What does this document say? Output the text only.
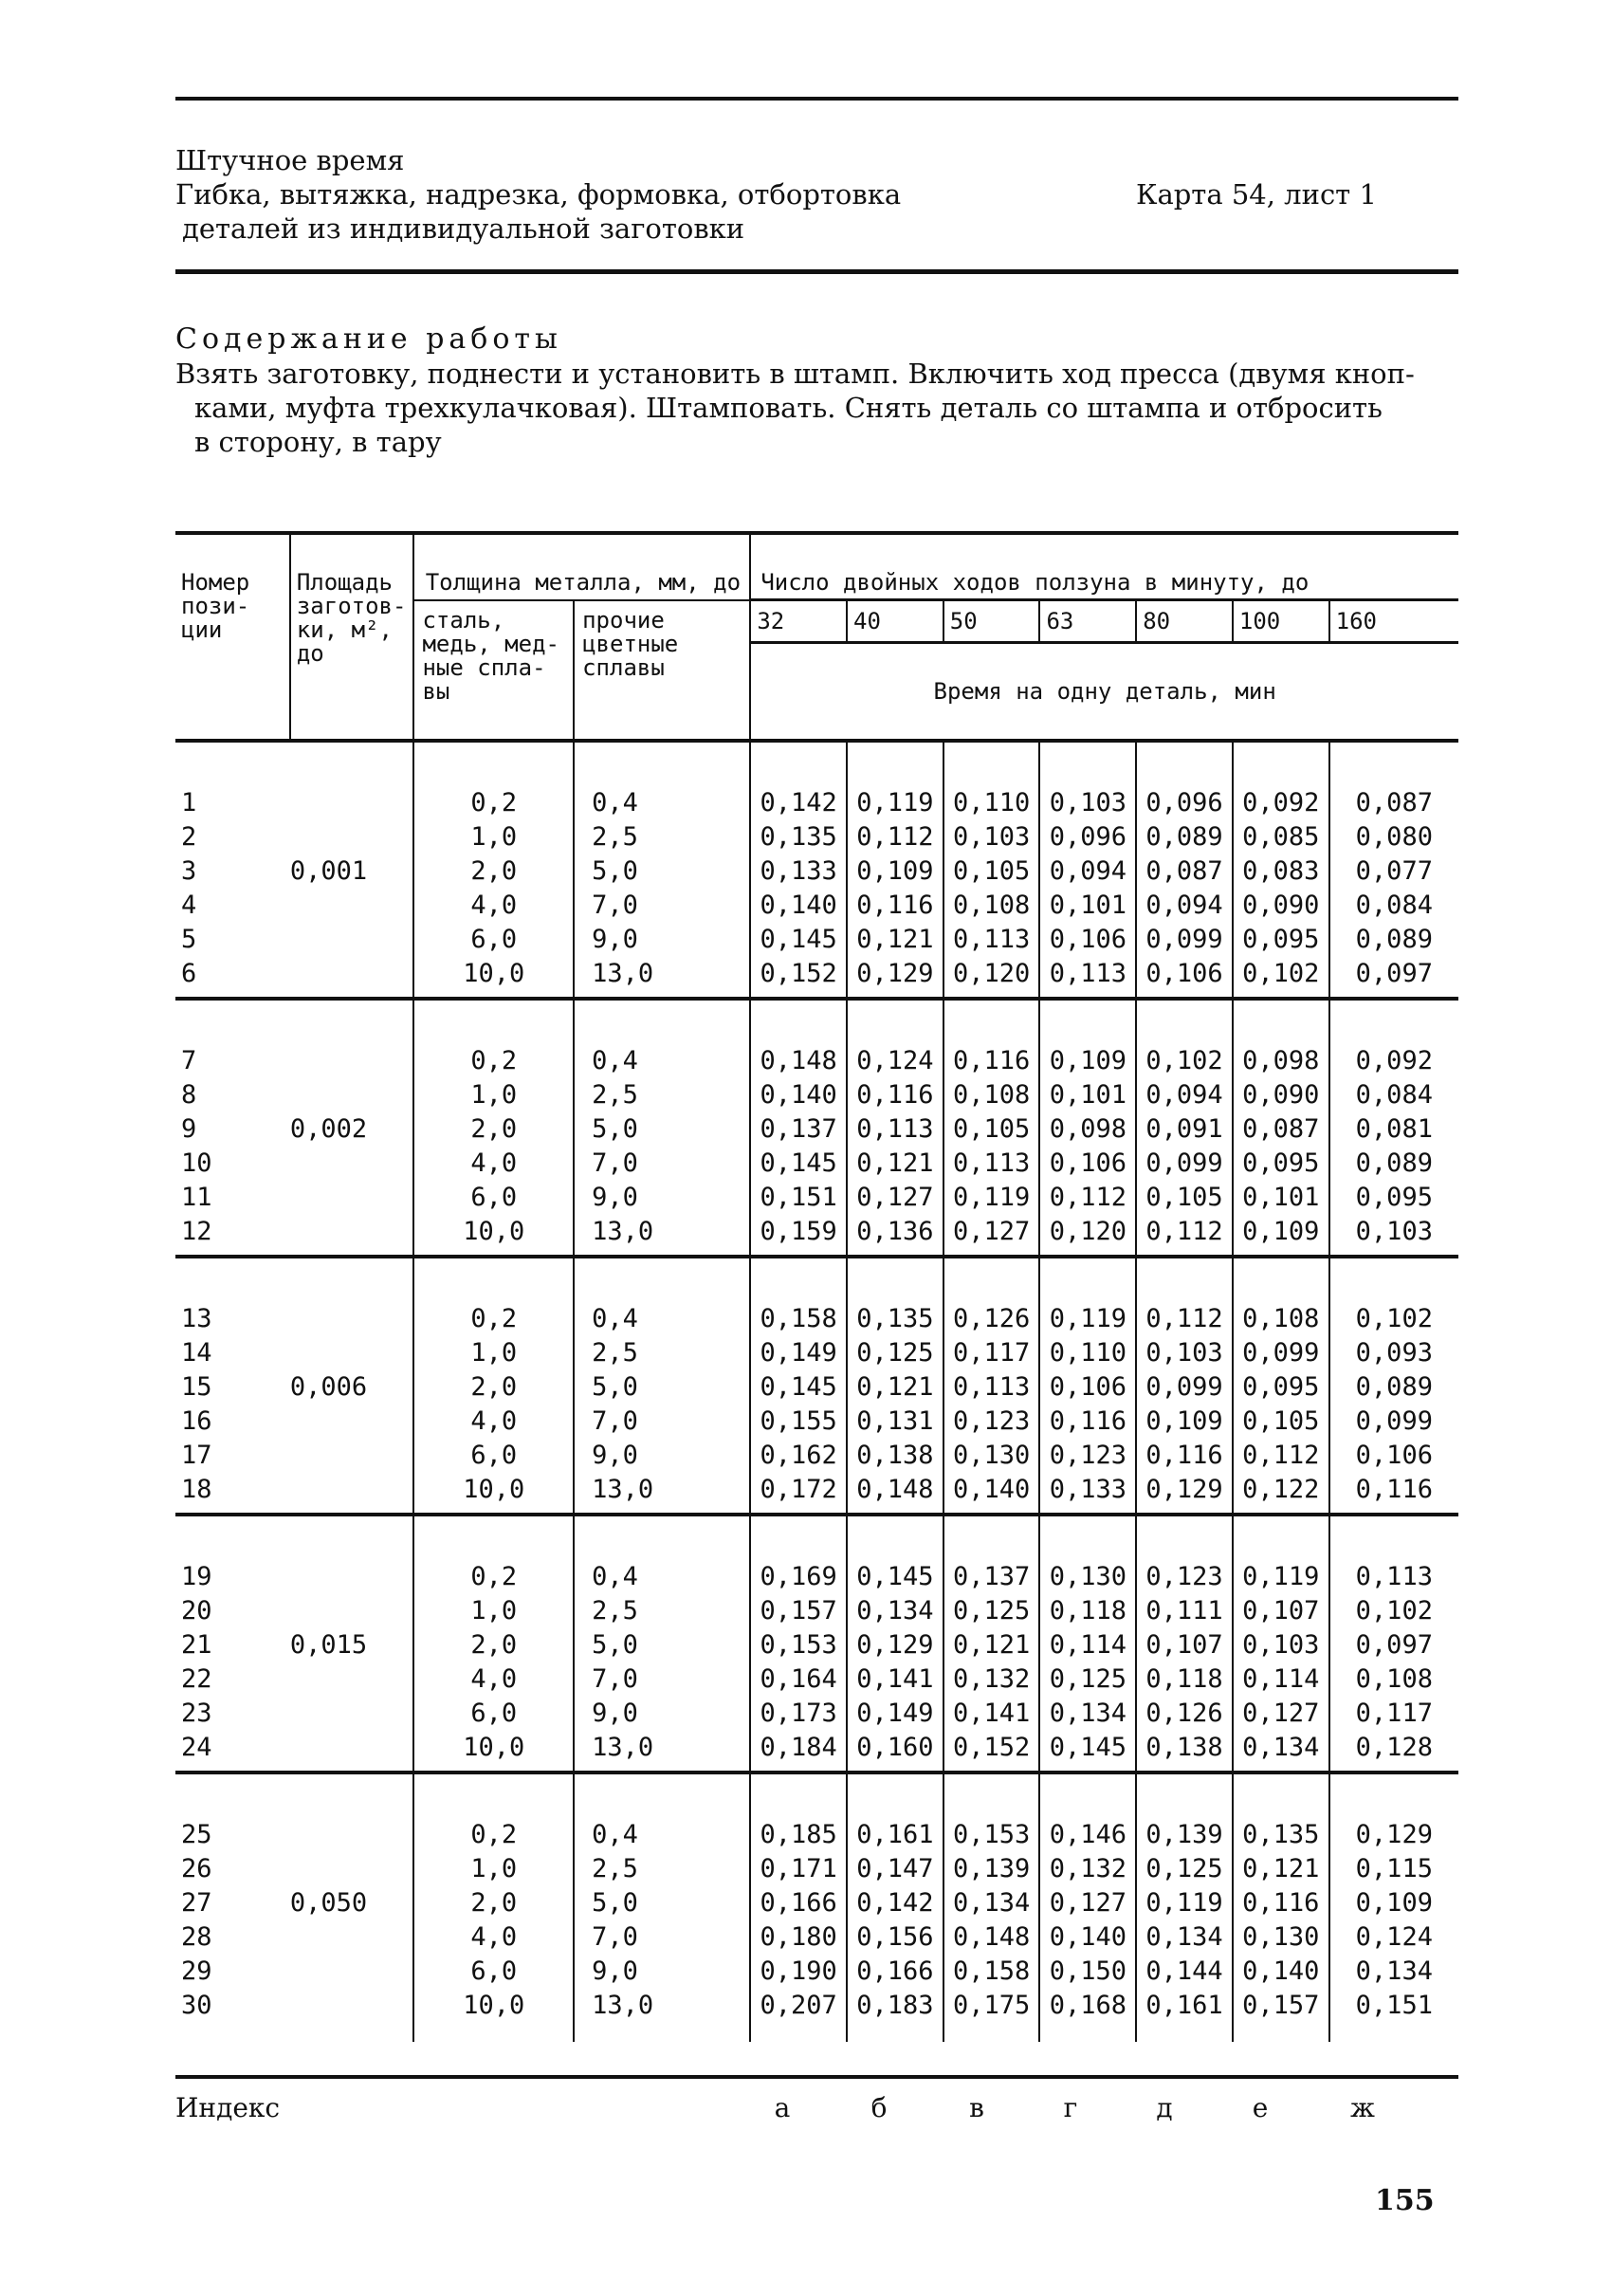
Штучное время
Гибка, вытяжка, надрезка, формовка, отбортовка
деталей из индивидуальной заготовки
Карта 54, лист 1
Содержание работы
Взять заготовку, поднести и установить в штамп. Включить ход пресса (двумя кноп-
ками, муфта трехкулачковая). Штамповать. Снять деталь со штампа и отбросить
в сторону, в тару
Номер пози- ции	Площадь заготов- ки, м², до	Толщина металла, мм, до		Число двойных ходов ползуна в минуту, до						
		сталь, медь, мед- ные спла- вы	прочие цветные сплавы	32	40	50	63	80	100	160
				Время на одну деталь, мин						

1		0,2	0,4	0,142	0,119	0,110	0,103	0,096	0,092	0,087
2		1,0	2,5	0,135	0,112	0,103	0,096	0,089	0,085	0,080
3	0,001	2,0	5,0	0,133	0,109	0,105	0,094	0,087	0,083	0,077
4		4,0	7,0	0,140	0,116	0,108	0,101	0,094	0,090	0,084
5		6,0	9,0	0,145	0,121	0,113	0,106	0,099	0,095	0,089
6		10,0	13,0	0,152	0,129	0,120	0,113	0,106	0,102	0,097

7		0,2	0,4	0,148	0,124	0,116	0,109	0,102	0,098	0,092
8		1,0	2,5	0,140	0,116	0,108	0,101	0,094	0,090	0,084
9	0,002	2,0	5,0	0,137	0,113	0,105	0,098	0,091	0,087	0,081
10		4,0	7,0	0,145	0,121	0,113	0,106	0,099	0,095	0,089
11		6,0	9,0	0,151	0,127	0,119	0,112	0,105	0,101	0,095
12		10,0	13,0	0,159	0,136	0,127	0,120	0,112	0,109	0,103

13		0,2	0,4	0,158	0,135	0,126	0,119	0,112	0,108	0,102
14		1,0	2,5	0,149	0,125	0,117	0,110	0,103	0,099	0,093
15	0,006	2,0	5,0	0,145	0,121	0,113	0,106	0,099	0,095	0,089
16		4,0	7,0	0,155	0,131	0,123	0,116	0,109	0,105	0,099
17		6,0	9,0	0,162	0,138	0,130	0,123	0,116	0,112	0,106
18		10,0	13,0	0,172	0,148	0,140	0,133	0,129	0,122	0,116

19		0,2	0,4	0,169	0,145	0,137	0,130	0,123	0,119	0,113
20		1,0	2,5	0,157	0,134	0,125	0,118	0,111	0,107	0,102
21	0,015	2,0	5,0	0,153	0,129	0,121	0,114	0,107	0,103	0,097
22		4,0	7,0	0,164	0,141	0,132	0,125	0,118	0,114	0,108
23		6,0	9,0	0,173	0,149	0,141	0,134	0,126	0,127	0,117
24		10,0	13,0	0,184	0,160	0,152	0,145	0,138	0,134	0,128

25		0,2	0,4	0,185	0,161	0,153	0,146	0,139	0,135	0,129
26		1,0	2,5	0,171	0,147	0,139	0,132	0,125	0,121	0,115
27	0,050	2,0	5,0	0,166	0,142	0,134	0,127	0,119	0,116	0,109
28		4,0	7,0	0,180	0,156	0,148	0,140	0,134	0,130	0,124
29		6,0	9,0	0,190	0,166	0,158	0,150	0,144	0,140	0,134
30		10,0	13,0	0,207	0,183	0,175	0,168	0,161	0,157	0,151

Индекс	а	б	в	г	д	е	ж
155
